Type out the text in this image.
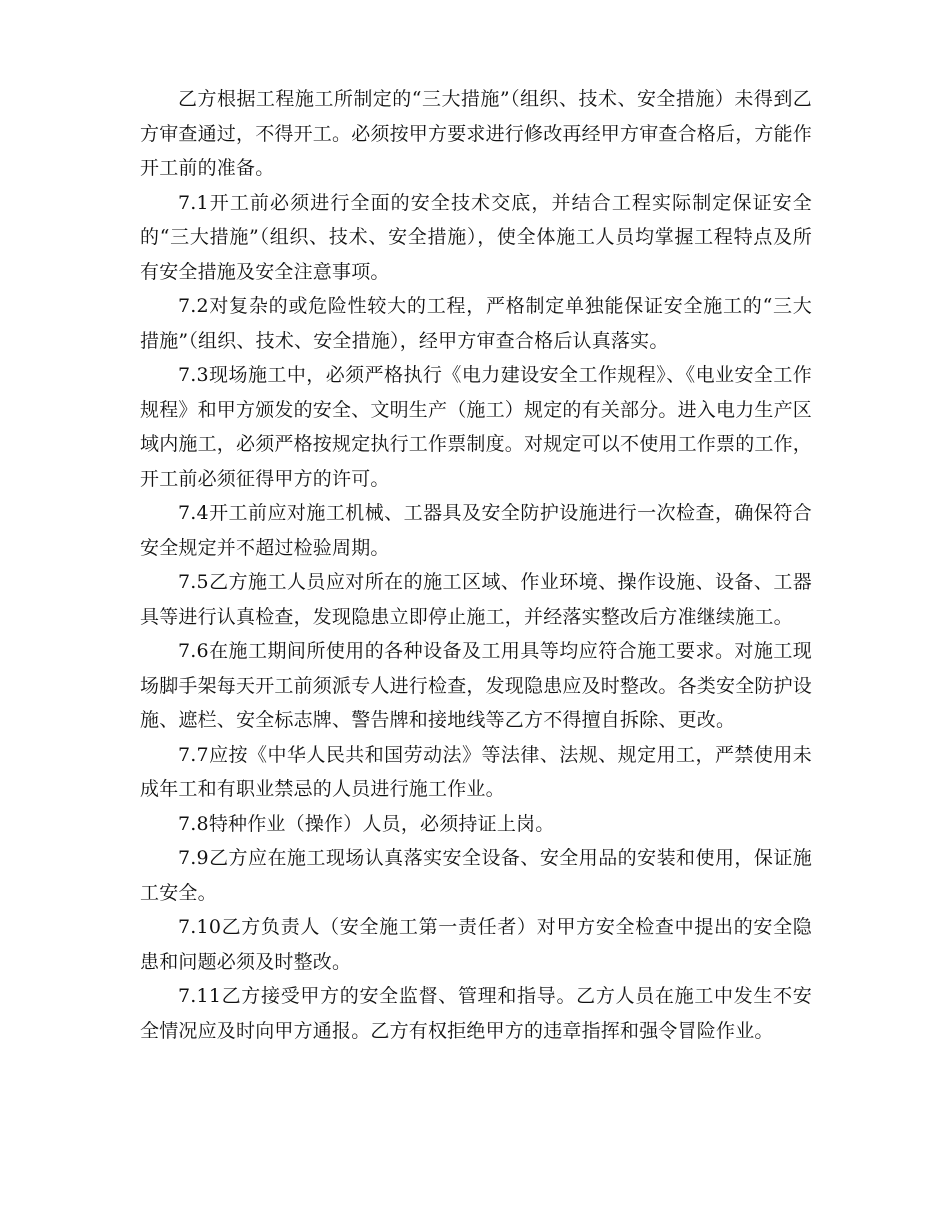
乙方根据工程施工所制定的“三大措施”（组织、技术、安全措施）未得到乙方审查通过，不得开工。必须按甲方要求进行修改再经甲方审查合格后，方能作开工前的准备。

7.1开工前必须进行全面的安全技术交底，并结合工程实际制定保证安全的“三大措施”（组织、技术、安全措施），使全体施工人员均掌握工程特点及所有安全措施及安全注意事项。

7.2对复杂的或危险性较大的工程，严格制定单独能保证安全施工的“三大措施”（组织、技术、安全措施），经甲方审查合格后认真落实。

7.3现场施工中，必须严格执行《电力建设安全工作规程》、《电业安全工作规程》和甲方颁发的安全、文明生产（施工）规定的有关部分。进入电力生产区域内施工，必须严格按规定执行工作票制度。对规定可以不使用工作票的工作，开工前必须征得甲方的许可。

7.4开工前应对施工机械、工器具及安全防护设施进行一次检查，确保符合安全规定并不超过检验周期。

7.5乙方施工人员应对所在的施工区域、作业环境、操作设施、设备、工器具等进行认真检查，发现隐患立即停止施工，并经落实整改后方准继续施工。

7.6在施工期间所使用的各种设备及工用具等均应符合施工要求。对施工现场脚手架每天开工前须派专人进行检查，发现隐患应及时整改。各类安全防护设施、遮栏、安全标志牌、警告牌和接地线等乙方不得擅自拆除、更改。

7.7应按《中华人民共和国劳动法》等法律、法规、规定用工，严禁使用未成年工和有职业禁忌的人员进行施工作业。

7.8特种作业（操作）人员，必须持证上岗。

7.9乙方应在施工现场认真落实安全设备、安全用品的安装和使用，保证施工安全。

7.10乙方负责人（安全施工第一责任者）对甲方安全检查中提出的安全隐患和问题必须及时整改。

7.11乙方接受甲方的安全监督、管理和指导。乙方人员在施工中发生不安全情况应及时向甲方通报。乙方有权拒绝甲方的违章指挥和强令冒险作业。
